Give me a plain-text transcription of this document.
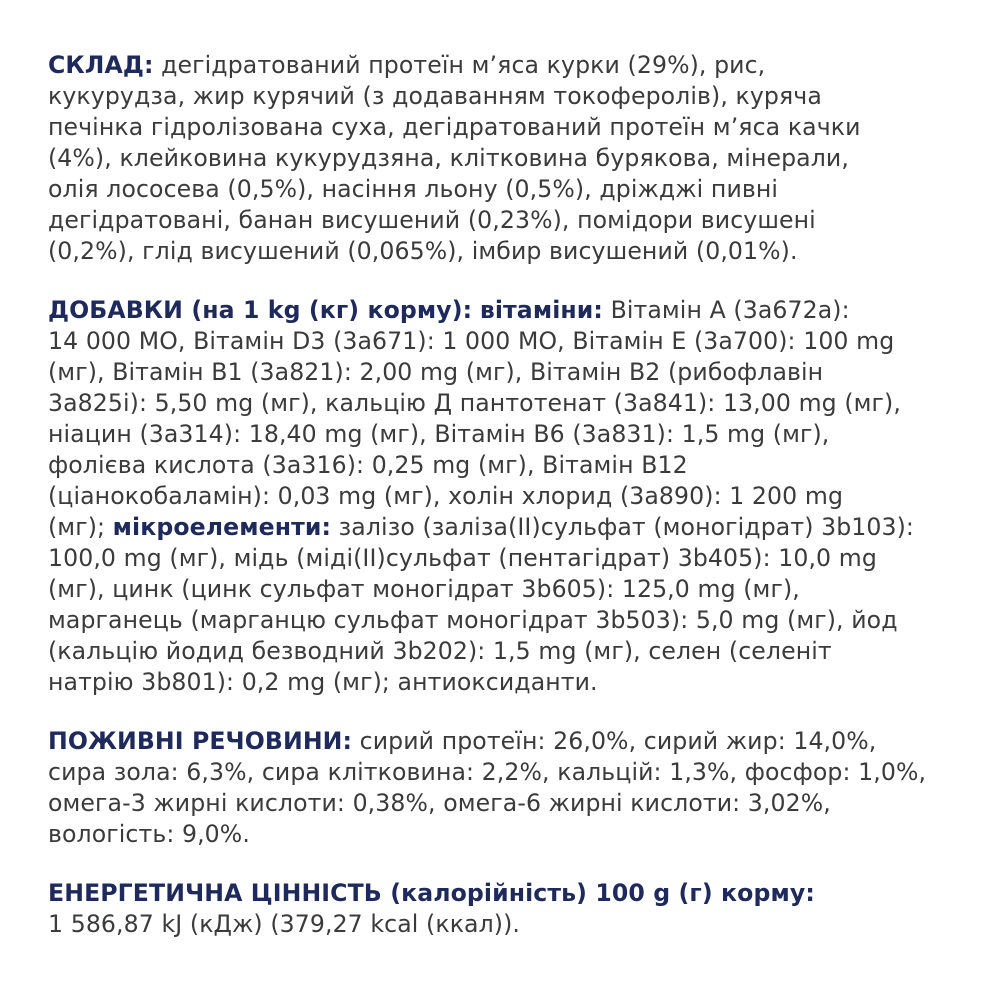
СКЛАД: дегідратований протеїн м’яса курки (29%), рис,
кукурудза, жир курячий (з додаванням токоферолів), куряча
печінка гідролізована суха, дегідратований протеїн м’яса качки
(4%), клейковина кукурудзяна, клітковина бурякова, мінерали,
олія лососева (0,5%), насіння льону (0,5%), дріжджі пивні
дегідратовані, банан висушений (0,23%), помідори висушені
(0,2%), глід висушений (0,065%), імбир висушений (0,01%).
ДОБАВКИ (на 1 kg (кг) корму): вітаміни: Вітамін А (3а672а):
14 000 МО, Вітамін D3 (3а671): 1 000 МО, Вітамін Е (3а700): 100 mg
(мг), Вітамін В1 (3а821): 2,00 mg (мг), Вітамін В2 (рибофлавін
3а825і): 5,50 mg (мг), кальцію Д пантотенат (3а841): 13,00 mg (мг),
ніацин (3а314): 18,40 mg (мг), Вітамін В6 (3а831): 1,5 mg (мг),
фолієва кислота (3а316): 0,25 mg (мг), Вітамін В12
(ціанокобаламін): 0,03 mg (мг), холін хлорид (3а890): 1 200 mg
(мг); мікроелементи: залізо (заліза(ІІ)сульфат (моногідрат) 3b103):
100,0 mg (мг), мідь (міді(ІІ)сульфат (пентагідрат) 3b405): 10,0 mg
(мг), цинк (цинк сульфат моногідрат 3b605): 125,0 mg (мг),
марганець (марганцю сульфат моногідрат 3b503): 5,0 mg (мг), йод
(кальцію йодид безводний 3b202): 1,5 mg (мг), селен (селеніт
натрію 3b801): 0,2 mg (мг); антиоксиданти.
ПОЖИВНІ РЕЧОВИНИ: сирий протеїн: 26,0%, сирий жир: 14,0%,
сира зола: 6,3%, сира клітковина: 2,2%, кальцій: 1,3%, фосфор: 1,0%,
омега-3 жирні кислоти: 0,38%, омега-6 жирні кислоти: 3,02%,
вологість: 9,0%.
ЕНЕРГЕТИЧНА ЦІННІСТЬ (калорійність) 100 g (г) корму:
1 586,87 kJ (кДж) (379,27 kcal (ккал)).
